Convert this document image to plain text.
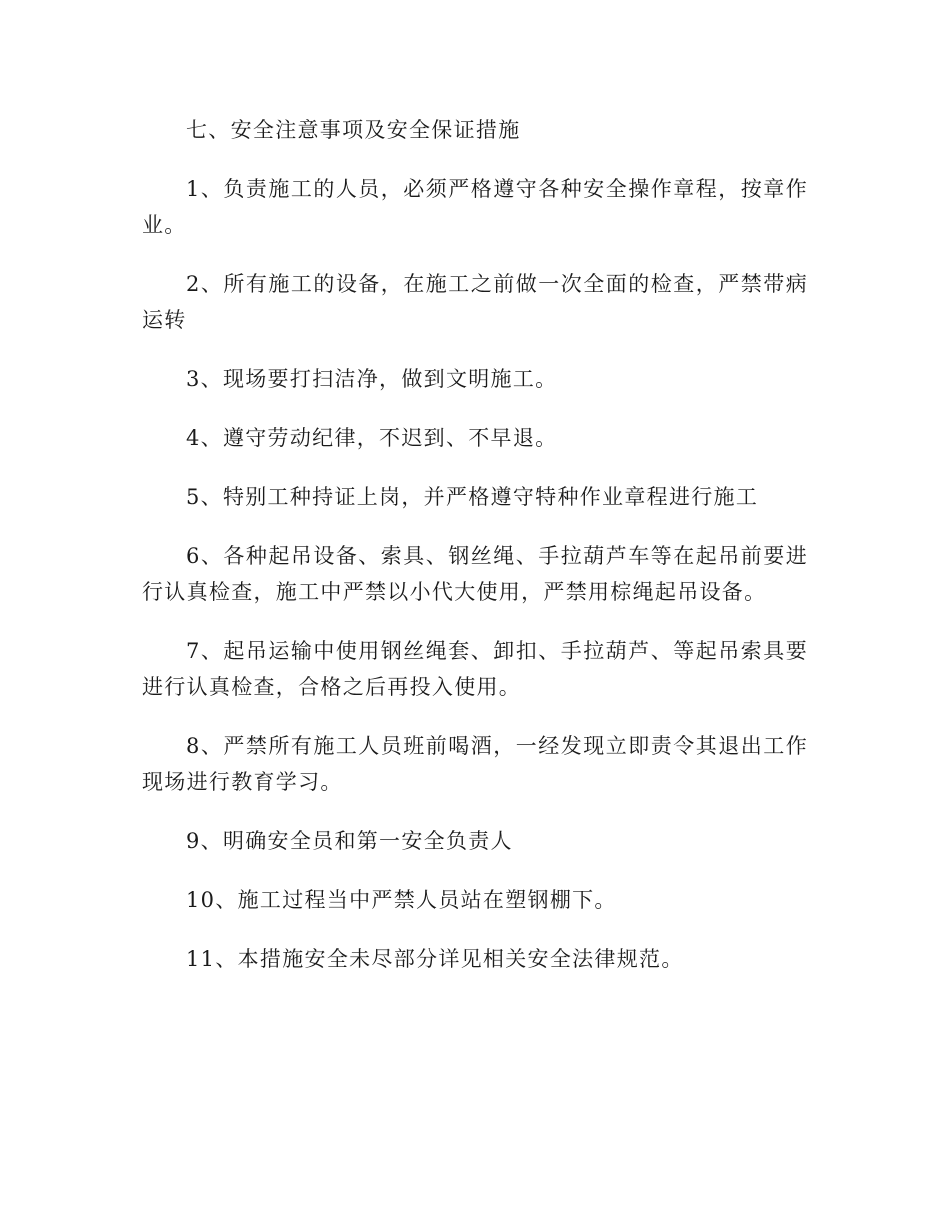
七、安全注意事项及安全保证措施

1、负责施工的人员，必须严格遵守各种安全操作章程，按章作业。

2、所有施工的设备，在施工之前做一次全面的检查，严禁带病运转

3、现场要打扫洁净，做到文明施工。

4、遵守劳动纪律，不迟到、不早退。

5、特别工种持证上岗，并严格遵守特种作业章程进行施工

6、各种起吊设备、索具、钢丝绳、手拉葫芦车等在起吊前要进行认真检查，施工中严禁以小代大使用，严禁用棕绳起吊设备。

7、起吊运输中使用钢丝绳套、卸扣、手拉葫芦、等起吊索具要进行认真检查，合格之后再投入使用。

8、严禁所有施工人员班前喝酒，一经发现立即责令其退出工作现场进行教育学习。

9、明确安全员和第一安全负责人

10、施工过程当中严禁人员站在塑钢棚下。

11、本措施安全未尽部分详见相关安全法律规范。
